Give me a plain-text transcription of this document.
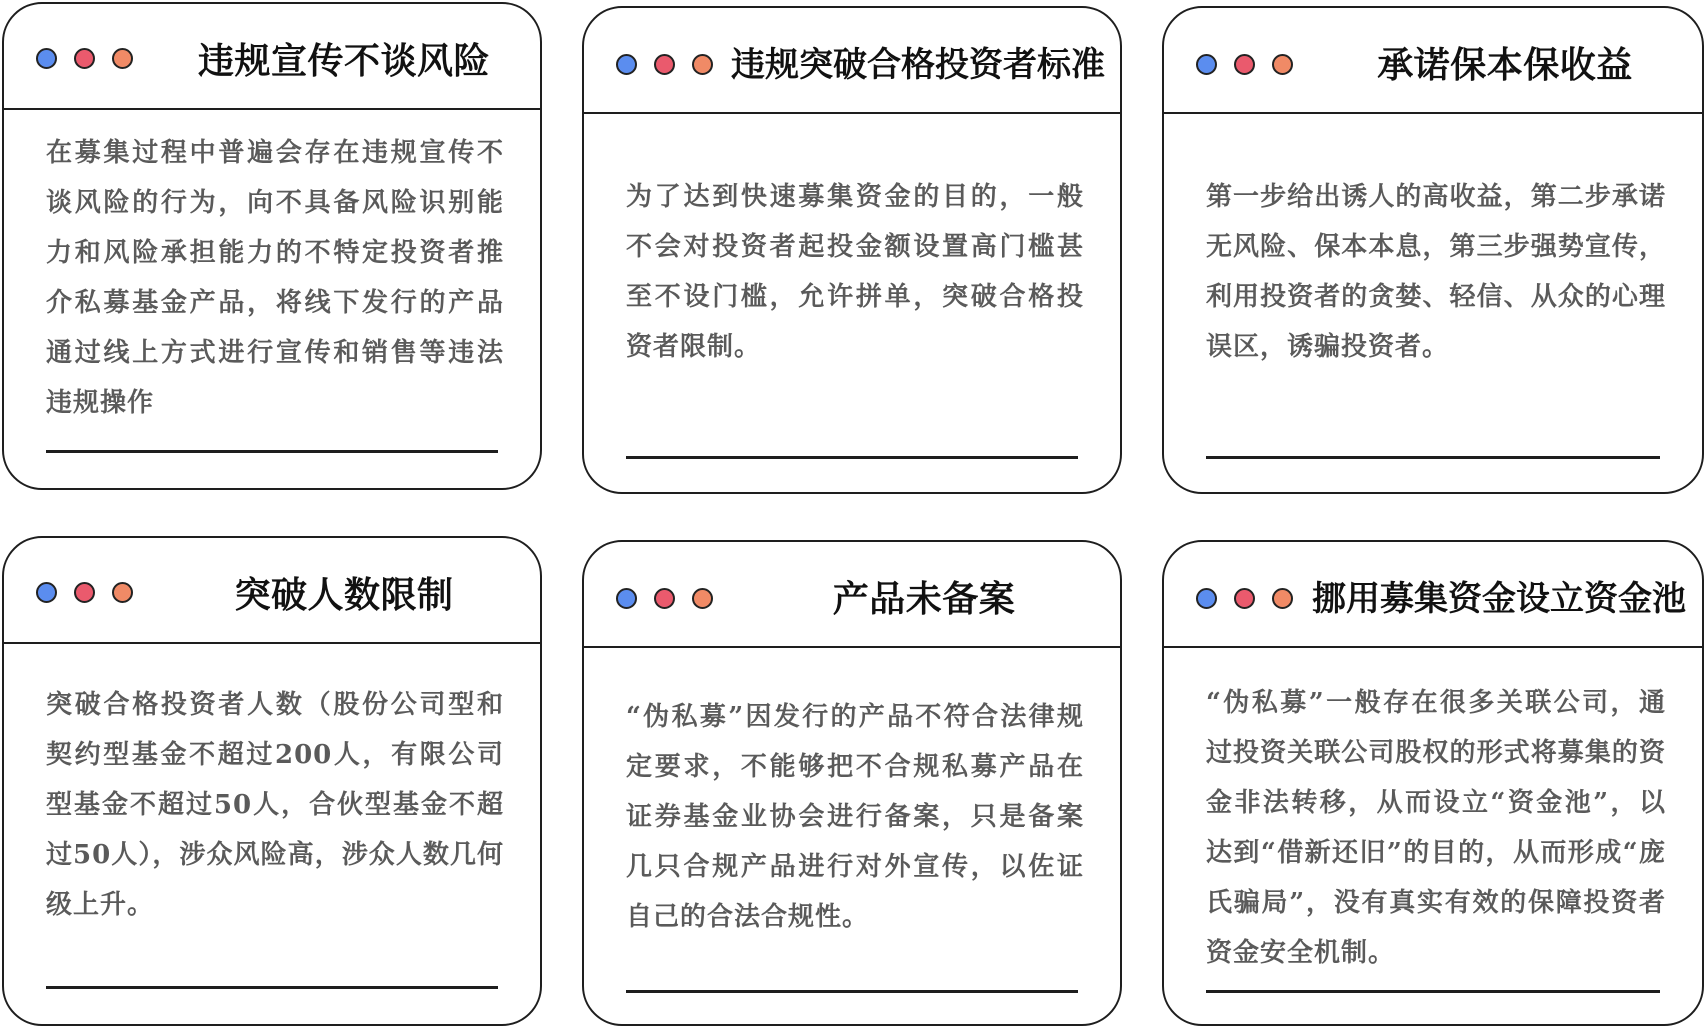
违规宣传不谈风险
在募集过程中普遍会存在违规宣传不谈风险的行为，向不具备风险识别能力和风险承担能力的不特定投资者推介私募基金产品，将线下发行的产品通过线上方式进行宣传和销售等违法违规操作
违规突破合格投资者标准
为了达到快速募集资金的目的，一般不会对投资者起投金额设置高门槛甚至不设门槛，允许拼单，突破合格投资者限制。
承诺保本保收益
第一步给出诱人的高收益，第二步承诺无风险、保本本息，第三步强势宣传，利用投资者的贪婪、轻信、从众的心理误区，诱骗投资者。
突破人数限制
突破合格投资者人数（股份公司型和契约型基金不超过200人，有限公司型基金不超过50人，合伙型基金不超过50人），涉众风险高，涉众人数几何级上升。
产品未备案
“伪私募”因发行的产品不符合法律规定要求，不能够把不合规私募产品在证券基金业协会进行备案，只是备案几只合规产品进行对外宣传，以佐证自己的合法合规性。
挪用募集资金设立资金池
“伪私募”一般存在很多关联公司，通过投资关联公司股权的形式将募集的资金非法转移，从而设立“资金池”，以达到“借新还旧”的目的，从而形成“庞氏骗局”，没有真实有效的保障投资者资金安全机制。
